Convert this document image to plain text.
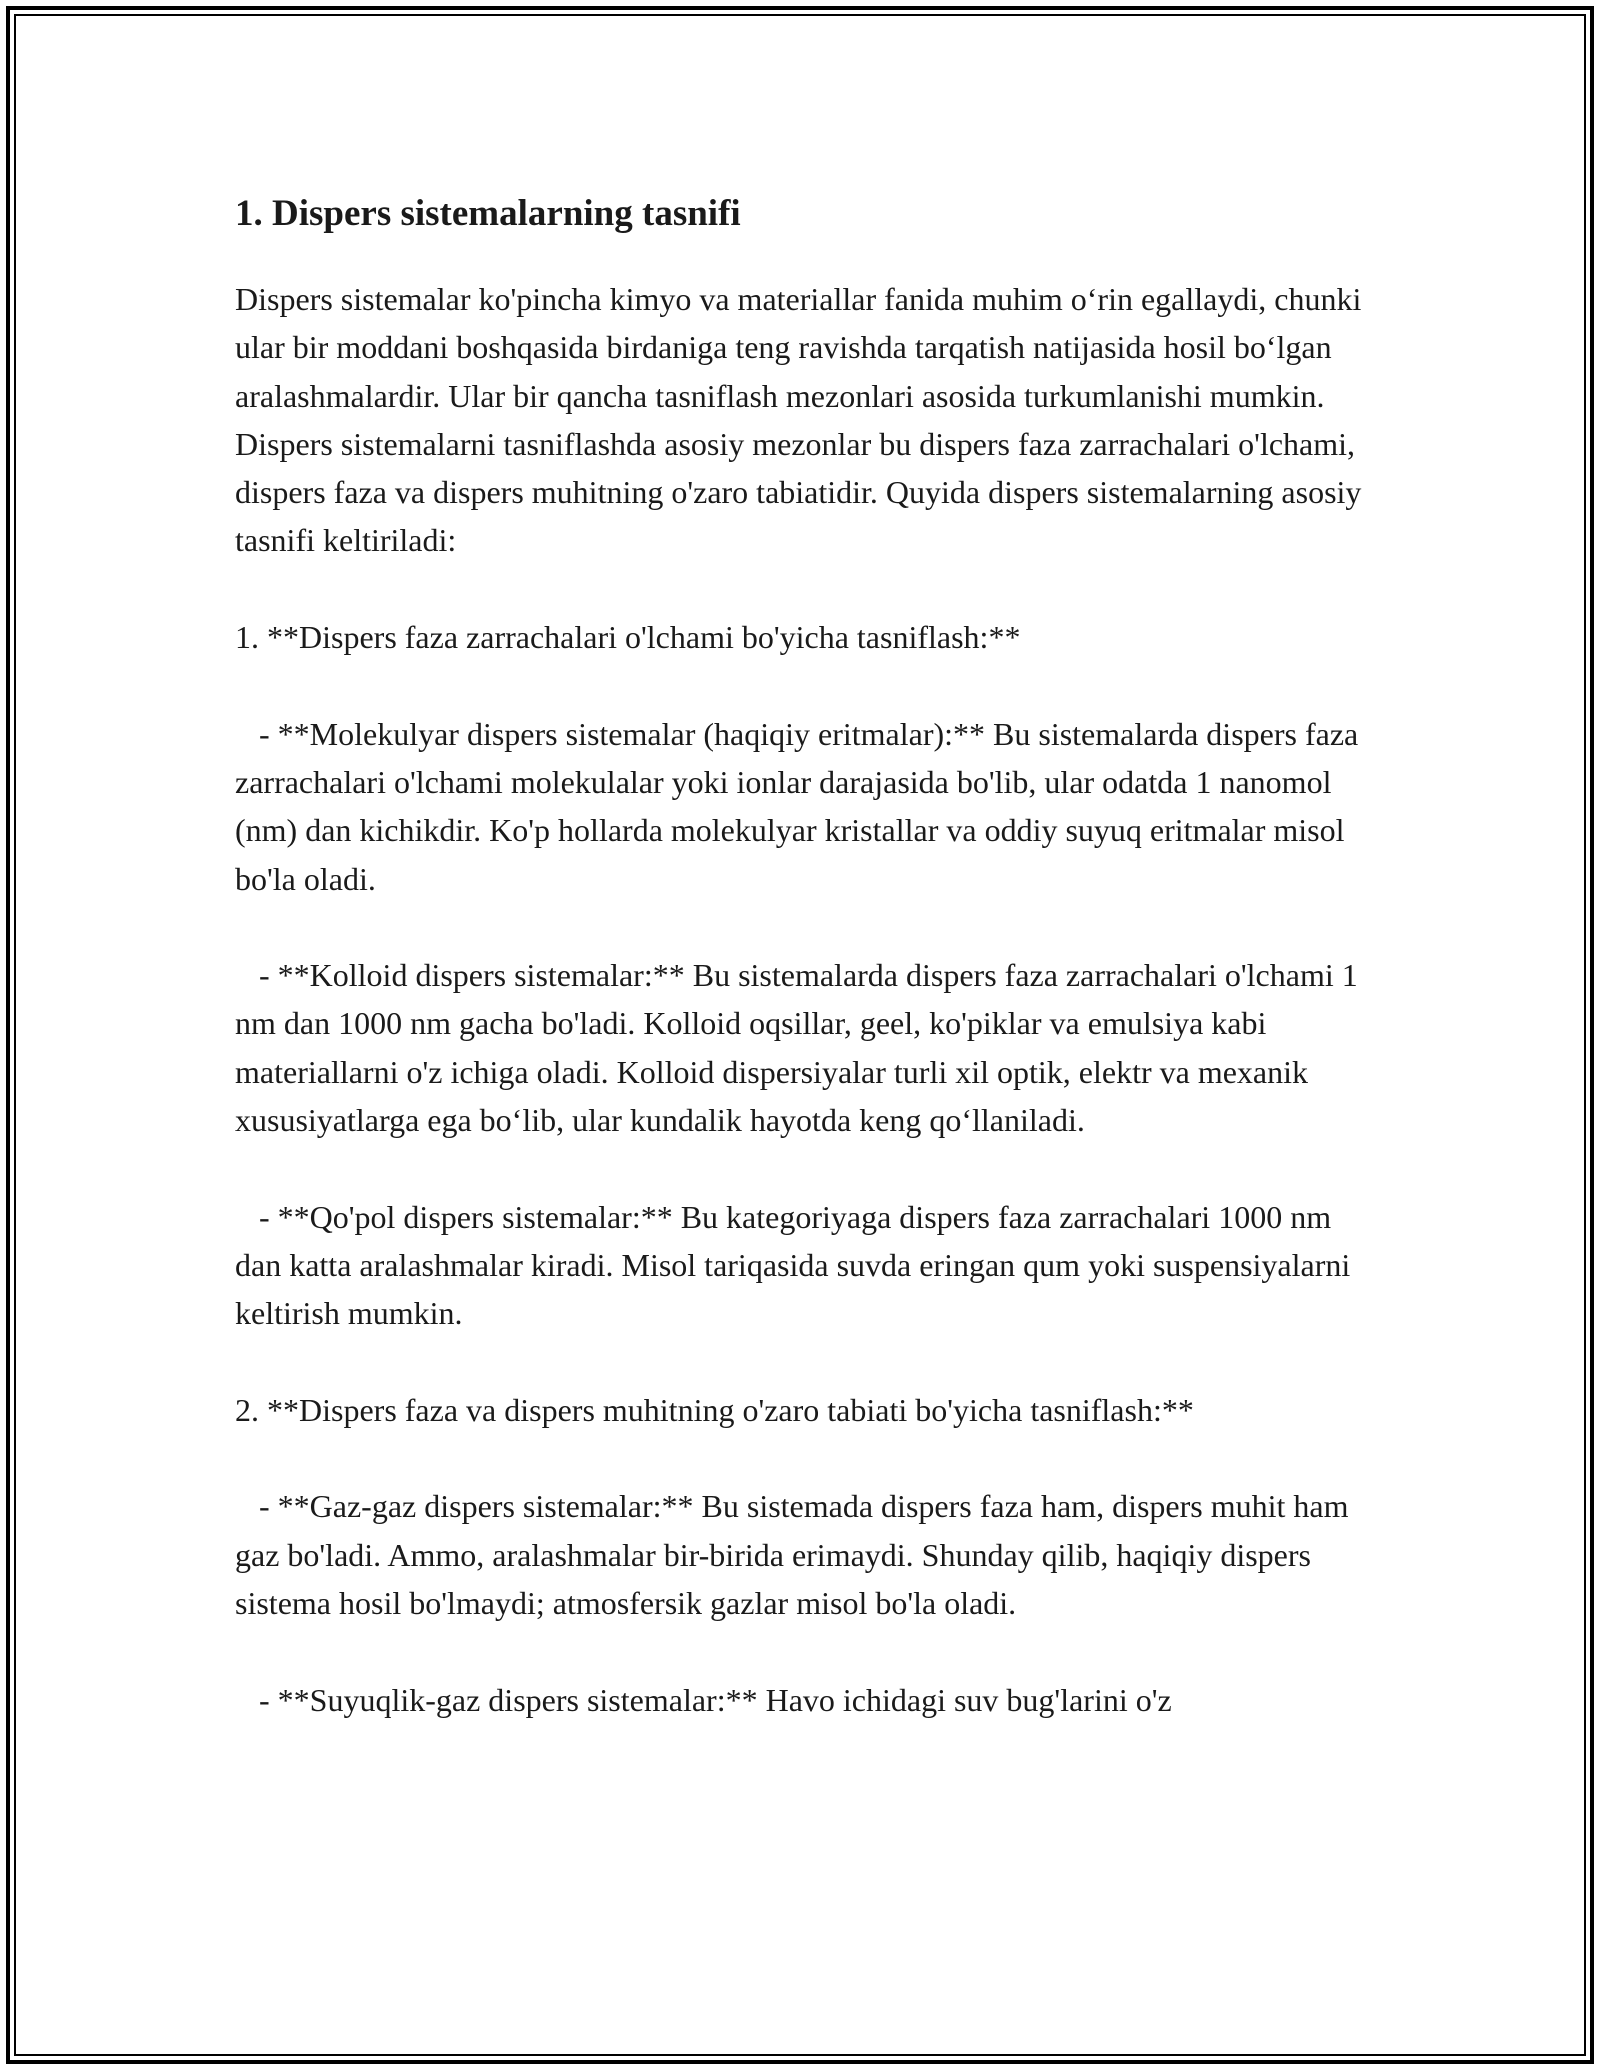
1. Dispers sistemalarning tasnifi

Dispers sistemalar ko'pincha kimyo va materiallar fanida muhim o‘rin egallaydi, chunki ular bir moddani boshqasida birdaniga teng ravishda tarqatish natijasida hosil bo‘lgan aralashmalardir. Ular bir qancha tasniflash mezonlari asosida turkumlanishi mumkin. Dispers sistemalarni tasniflashda asosiy mezonlar bu dispers faza zarrachalari o'lchami, dispers faza va dispers muhitning o'zaro tabiatidir. Quyida dispers sistemalarning asosiy tasnifi keltiriladi:

1. **Dispers faza zarrachalari o'lchami bo'yicha tasniflash:**

- **Molekulyar dispers sistemalar (haqiqiy eritmalar):** Bu sistemalarda dispers faza zarrachalari o'lchami molekulalar yoki ionlar darajasida bo'lib, ular odatda 1 nanomol (nm) dan kichikdir. Ko'p hollarda molekulyar kristallar va oddiy suyuq eritmalar misol bo'la oladi.

- **Kolloid dispers sistemalar:** Bu sistemalarda dispers faza zarrachalari o'lchami 1 nm dan 1000 nm gacha bo'ladi. Kolloid oqsillar, geel, ko'piklar va emulsiya kabi materiallarni o'z ichiga oladi. Kolloid dispersiyalar turli xil optik, elektr va mexanik xususiyatlarga ega bo‘lib, ular kundalik hayotda keng qo‘llaniladi.

- **Qo'pol dispers sistemalar:** Bu kategoriyaga dispers faza zarrachalari 1000 nm dan katta aralashmalar kiradi. Misol tariqasida suvda eringan qum yoki suspensiyalarni keltirish mumkin.

2. **Dispers faza va dispers muhitning o'zaro tabiati bo'yicha tasniflash:**

- **Gaz-gaz dispers sistemalar:** Bu sistemada dispers faza ham, dispers muhit ham gaz bo'ladi. Ammo, aralashmalar bir-birida erimaydi. Shunday qilib, haqiqiy dispers sistema hosil bo'lmaydi; atmosfersik gazlar misol bo'la oladi.

- **Suyuqlik-gaz dispers sistemalar:** Havo ichidagi suv bug'larini o'z
